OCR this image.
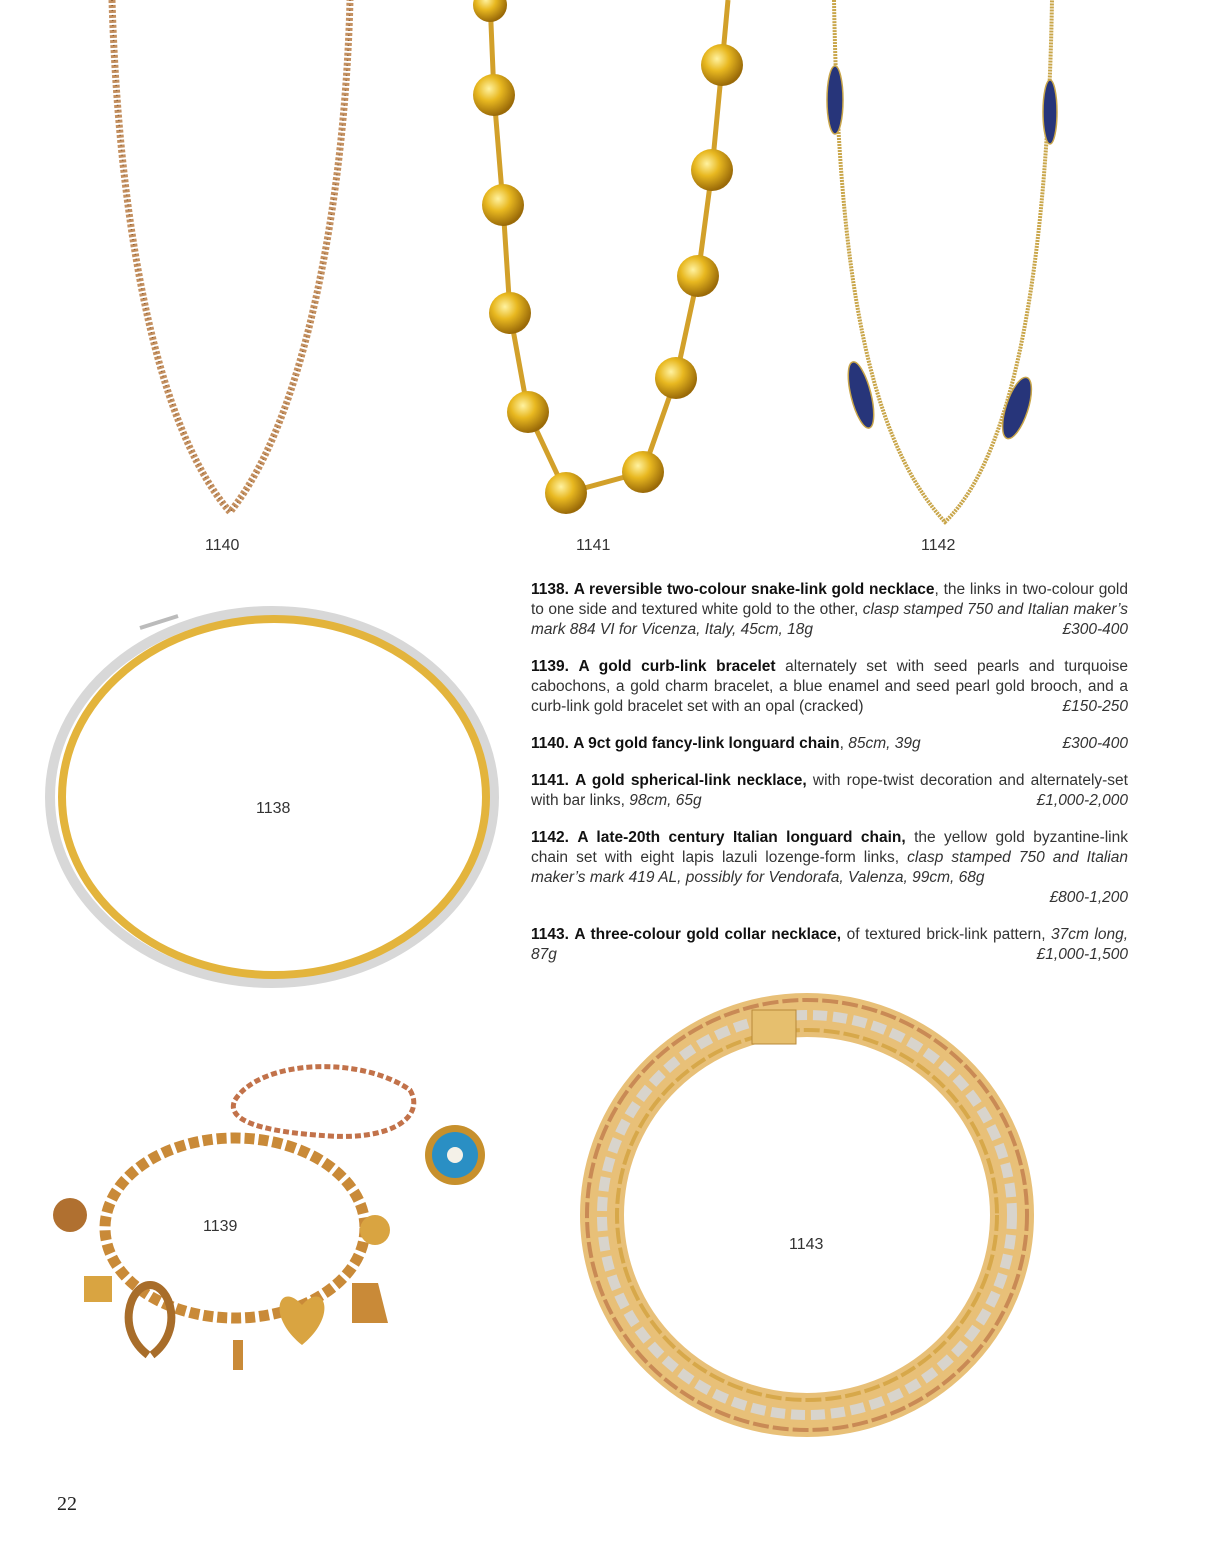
1140	1141	1142
1138
1139
1143
1138. A reversible two-colour snake-link gold necklace, the links in two-colour gold to one side and textured white gold to the other, clasp stamped 750 and Italian maker’s mark 884 VI for Vicenza, Italy, 45cm, 18g	£300-400
1139. A gold curb-link bracelet alternately set with seed pearls and turquoise cabochons, a gold charm bracelet, a blue enamel and seed pearl gold brooch, and a curb-link gold bracelet set with an opal (cracked)	£150-250
1140. A 9ct gold fancy-link longuard chain, 85cm, 39g	£300-400
1141. A gold spherical-link necklace, with rope-twist decoration and alternately-set with bar links, 98cm, 65g	£1,000-2,000
1142. A late-20th century Italian longuard chain, the yellow gold byzantine-link chain set with eight lapis lazuli lozenge-form links, clasp stamped 750 and Italian maker’s mark 419 AL, possibly for Vendorafa, Valenza, 99cm, 68g
£800-1,200
1143. A three-colour gold collar necklace, of textured brick-link pattern, 37cm long, 87g	£1,000-1,500
22
